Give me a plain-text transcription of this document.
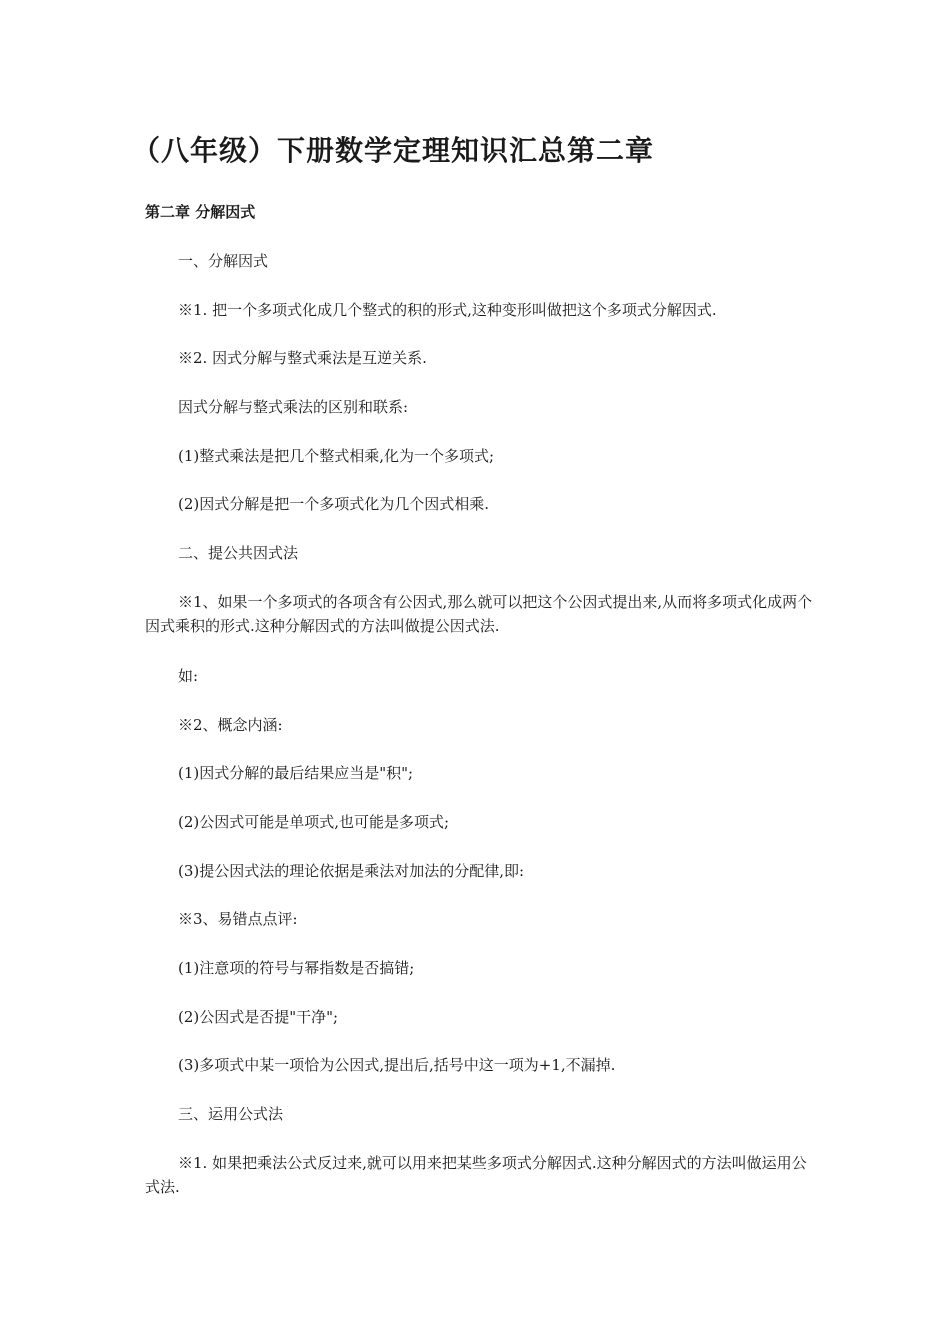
（八年级）下册数学定理知识汇总第二章
第二章 分解因式
一、分解因式
※1. 把一个多项式化成几个整式的积的形式,这种变形叫做把这个多项式分解因式.
※2. 因式分解与整式乘法是互逆关系.
因式分解与整式乘法的区别和联系:
(1)整式乘法是把几个整式相乘,化为一个多项式;
(2)因式分解是把一个多项式化为几个因式相乘.
二、提公共因式法
※1、如果一个多项式的各项含有公因式,那么就可以把这个公因式提出来,从而将多项式化成两个因式乘积的形式.这种分解因式的方法叫做提公因式法.
如:
※2、概念内涵:
(1)因式分解的最后结果应当是"积";
(2)公因式可能是单项式,也可能是多项式;
(3)提公因式法的理论依据是乘法对加法的分配律,即:
※3、易错点点评:
(1)注意项的符号与幂指数是否搞错;
(2)公因式是否提"干净";
(3)多项式中某一项恰为公因式,提出后,括号中这一项为+1,不漏掉.
三、运用公式法
※1. 如果把乘法公式反过来,就可以用来把某些多项式分解因式.这种分解因式的方法叫做运用公式法.
